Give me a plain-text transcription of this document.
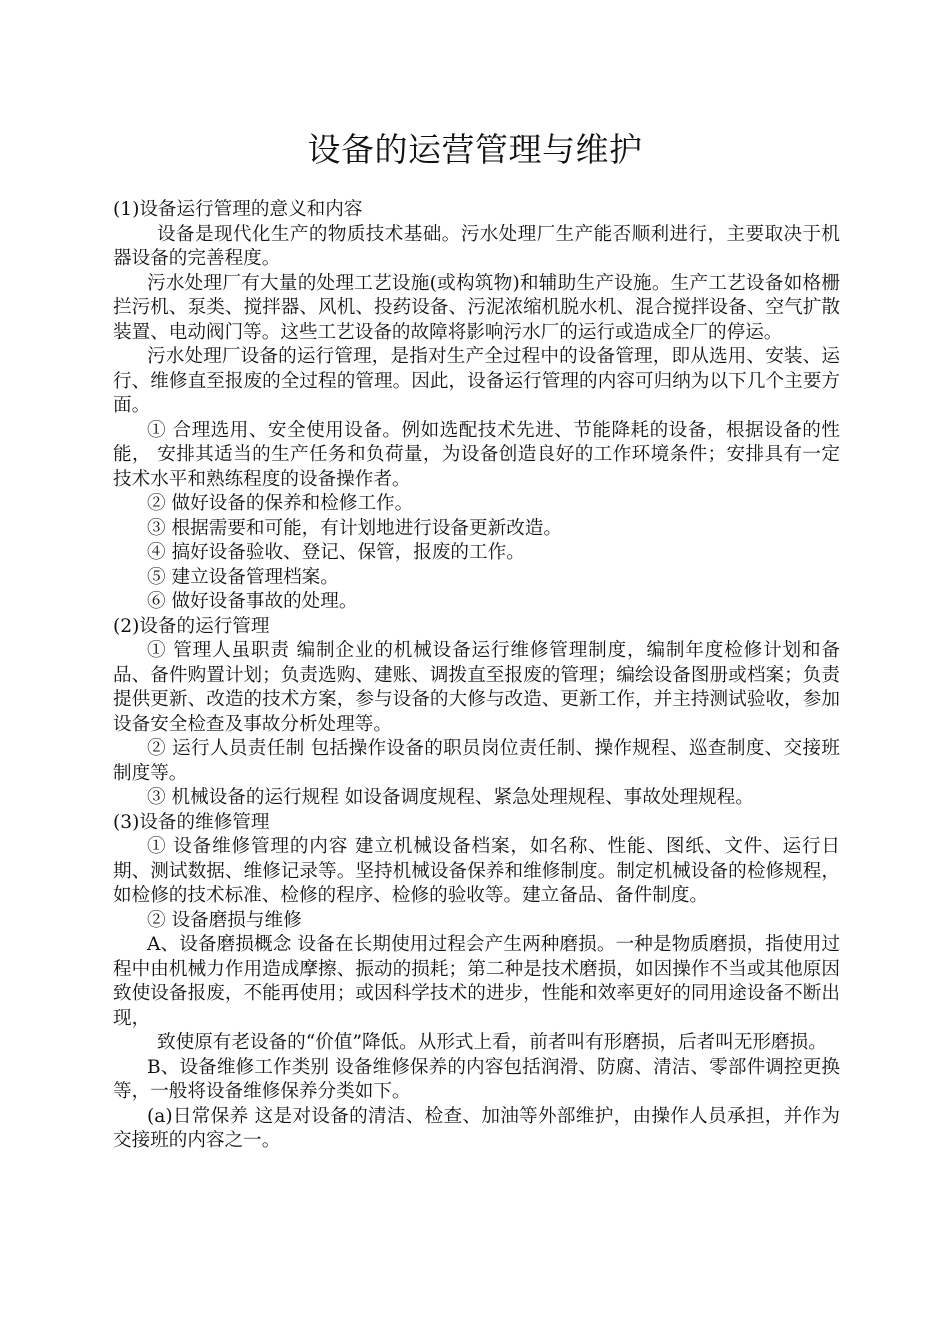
设备的运营管理与维护

(1)设备运行管理的意义和内容

设备是现代化生产的物质技术基础。污水处理厂生产能否顺利进行，主要取决于机器设备的完善程度。

污水处理厂有大量的处理工艺设施(或构筑物)和辅助生产设施。生产工艺设备如格栅拦污机、泵类、搅拌器、风机、投药设备、污泥浓缩机脱水机、混合搅拌设备、空气扩散装置、电动阀门等。这些工艺设备的故障将影响污水厂的运行或造成全厂的停运。

污水处理厂设备的运行管理，是指对生产全过程中的设备管理，即从选用、安装、运行、维修直至报废的全过程的管理。因此，设备运行管理的内容可归纳为以下几个主要方面。

① 合理选用、安全使用设备。例如选配技术先进、节能降耗的设备，根据设备的性能， 安排其适当的生产任务和负荷量，为设备创造良好的工作环境条件；安排具有一定技术水平和熟练程度的设备操作者。

② 做好设备的保养和检修工作。

③ 根据需要和可能，有计划地进行设备更新改造。

④ 搞好设备验收、登记、保管，报废的工作。

⑤ 建立设备管理档案。

⑥ 做好设备事故的处理。

(2)设备的运行管理

① 管理人虽职责 编制企业的机械设备运行维修管理制度，编制年度检修计划和备品、备件购置计划；负责选购、建账、调拨直至报废的管理；编绘设备图册或档案；负责提供更新、改造的技术方案，参与设备的大修与改造、更新工作，并主持测试验收，参加设备安全检查及事故分析处理等。

② 运行人员责任制 包括操作设备的职员岗位责任制、操作规程、巡查制度、交接班制度等。

③ 机械设备的运行规程 如设备调度规程、紧急处理规程、事故处理规程。

(3)设备的维修管理

① 设备维修管理的内容 建立机械设备档案，如名称、性能、图纸、文件、运行日期、测试数据、维修记录等。坚持机械设备保养和维修制度。制定机械设备的检修规程，如检修的技术标准、检修的程序、检修的验收等。建立备品、备件制度。

② 设备磨损与维修

A、设备磨损概念 设备在长期使用过程会产生两种磨损。一种是物质磨损，指使用过程中由机械力作用造成摩擦、振动的损耗；第二种是技术磨损，如因操作不当或其他原因致使设备报废，不能再使用；或因科学技术的进步，性能和效率更好的同用途设备不断出现，

致使原有老设备的“价值”降低。从形式上看，前者叫有形磨损，后者叫无形磨损。

B、设备维修工作类别 设备维修保养的内容包括润滑、防腐、清洁、零部件调控更换等，一般将设备维修保养分类如下。

(a)日常保养 这是对设备的清洁、检查、加油等外部维护，由操作人员承担，并作为交接班的内容之一。
